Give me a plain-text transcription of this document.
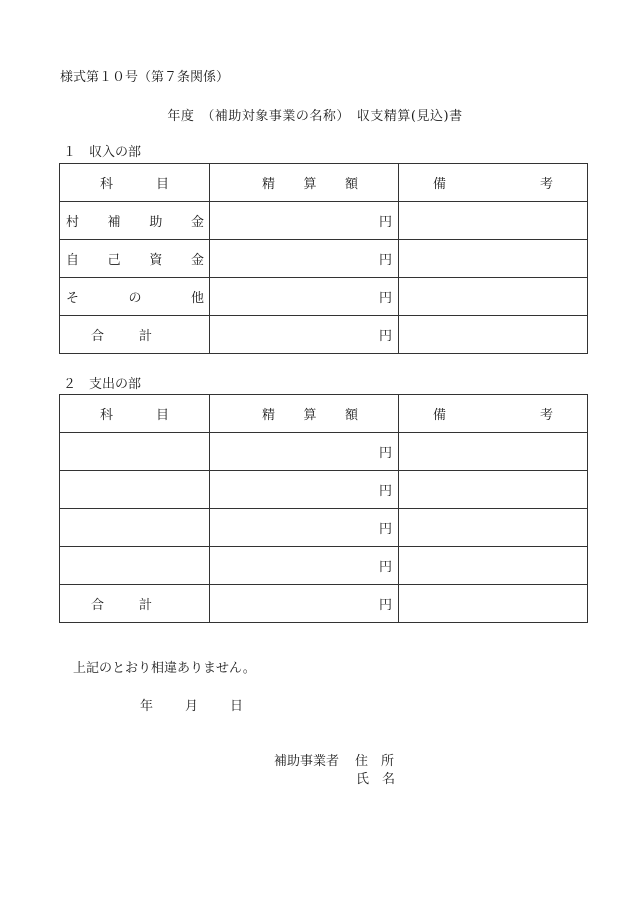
様式第１０号（第７条関係）
年度　（補助対象事業の名称）　収支精算(見込)書
１　収入の部
科 目	精 算 額	備 考

村 補 助 金	円	

自 己 資 金	円	

そ の 他	円	

合 計	円	

２　支出の部
科 目	精 算 額	備 考

	円	

	円	

	円	

	円	

合 計	円	

上記のとおり相違ありません。
年 月 日
補助事業者 住 所
氏 名
